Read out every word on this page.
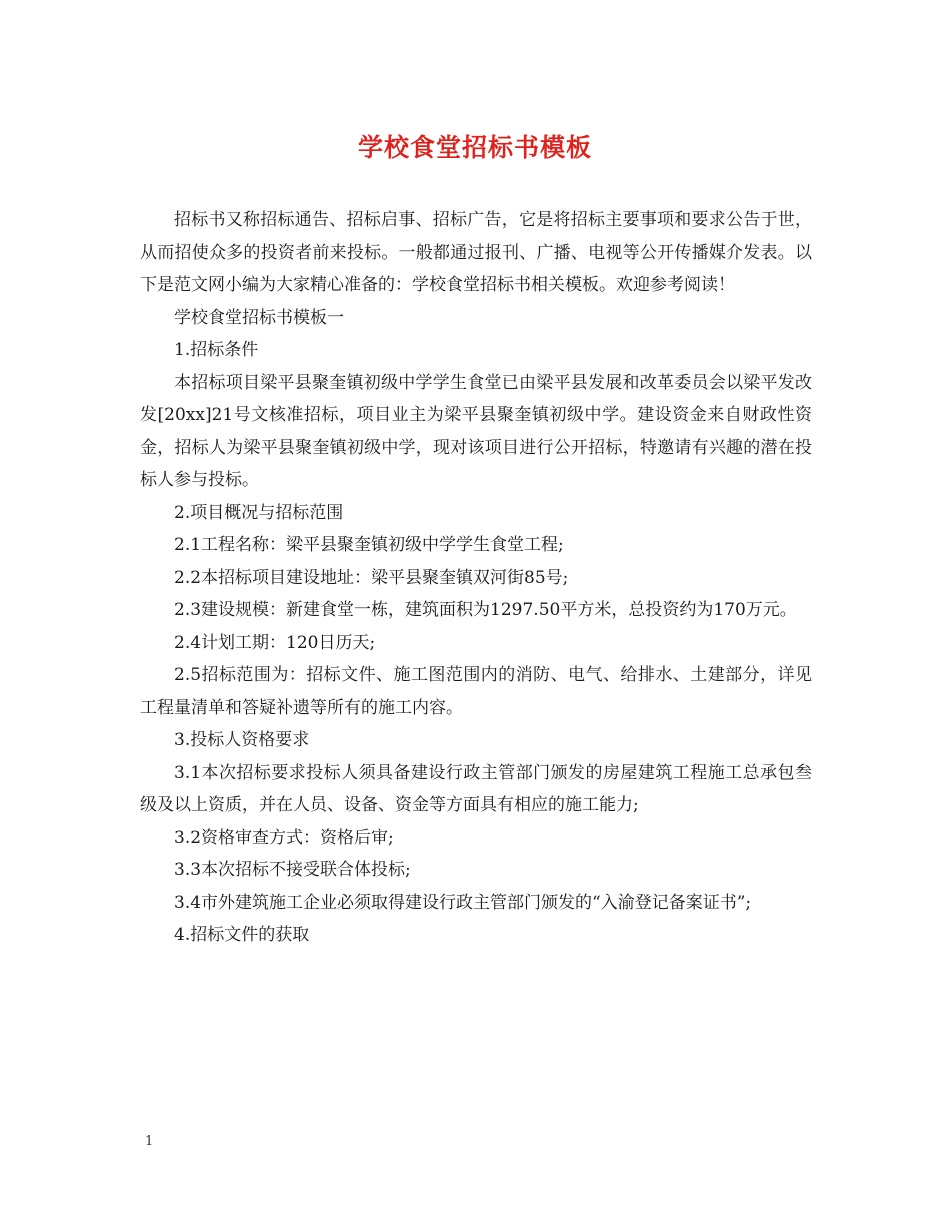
学校食堂招标书模板

招标书又称招标通告、招标启事、招标广告，它是将招标主要事项和要求公告于世，从而招使众多的投资者前来投标。一般都通过报刊、广播、电视等公开传播媒介发表。以下是范文网小编为大家精心准备的：学校食堂招标书相关模板。欢迎参考阅读！

学校食堂招标书模板一

1.招标条件

本招标项目梁平县聚奎镇初级中学学生食堂已由梁平县发展和改革委员会以梁平发改发[20xx]21号文核准招标，项目业主为梁平县聚奎镇初级中学。建设资金来自财政性资金，招标人为梁平县聚奎镇初级中学，现对该项目进行公开招标，特邀请有兴趣的潜在投标人参与投标。

2.项目概况与招标范围

2.1工程名称：梁平县聚奎镇初级中学学生食堂工程;

2.2本招标项目建设地址：梁平县聚奎镇双河街85号;

2.3建设规模：新建食堂一栋，建筑面积为1297.50平方米，总投资约为170万元。

2.4计划工期：120日历天;

2.5招标范围为：招标文件、施工图范围内的消防、电气、给排水、土建部分，详见工程量清单和答疑补遗等所有的施工内容。

3.投标人资格要求

3.1本次招标要求投标人须具备建设行政主管部门颁发的房屋建筑工程施工总承包叁级及以上资质，并在人员、设备、资金等方面具有相应的施工能力;

3.2资格审查方式：资格后审;

3.3本次招标不接受联合体投标;

3.4市外建筑施工企业必须取得建设行政主管部门颁发的“入渝登记备案证书”;

4.招标文件的获取

1
